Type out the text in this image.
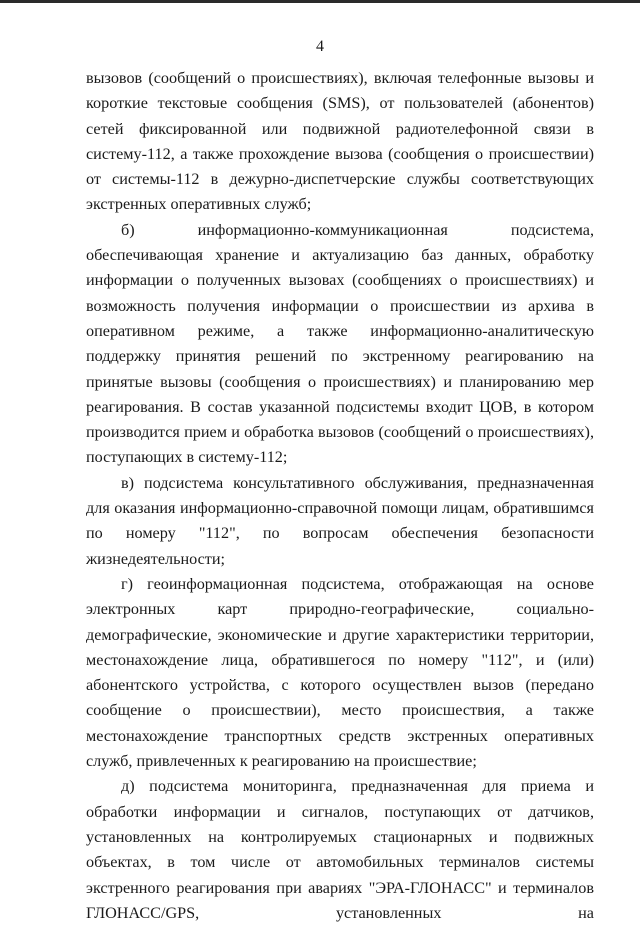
4

вызовов (сообщений о происшествиях), включая телефонные вызовы и короткие текстовые сообщения (SMS), от пользователей (абонентов) сетей фиксированной или подвижной радиотелефонной связи в систему-112, а также прохождение вызова (сообщения о происшествии) от системы-112 в дежурно-диспетчерские службы соответствующих экстренных оперативных служб;

б) информационно-коммуникационная подсистема, обеспечивающая хранение и актуализацию баз данных, обработку информации о полученных вызовах (сообщениях о происшествиях) и возможность получения информации о происшествии из архива в оперативном режиме, а также информационно-аналитическую поддержку принятия решений по экстренному реагированию на принятые вызовы (сообщения о происшествиях) и планированию мер реагирования. В состав указанной подсистемы входит ЦОВ, в котором производится прием и обработка вызовов (сообщений о происшествиях), поступающих в систему-112;

в) подсистема консультативного обслуживания, предназначенная для оказания информационно-справочной помощи лицам, обратившимся по номеру "112", по вопросам обеспечения безопасности жизнедеятельности;

г) геоинформационная подсистема, отображающая на основе электронных карт природно-географические, социально-демографические, экономические и другие характеристики территории, местонахождение лица, обратившегося по номеру "112", и (или) абонентского устройства, с которого осуществлен вызов (передано сообщение о происшествии), место происшествия, а также местонахождение транспортных средств экстренных оперативных служб, привлеченных к реагированию на происшествие;

д) подсистема мониторинга, предназначенная для приема и обработки информации и сигналов, поступающих от датчиков, установленных на контролируемых стационарных и подвижных объектах, в том числе от автомобильных терминалов системы экстренного реагирования при авариях "ЭРА-ГЛОНАСС" и терминалов ГЛОНАСС/GPS, установленных на
